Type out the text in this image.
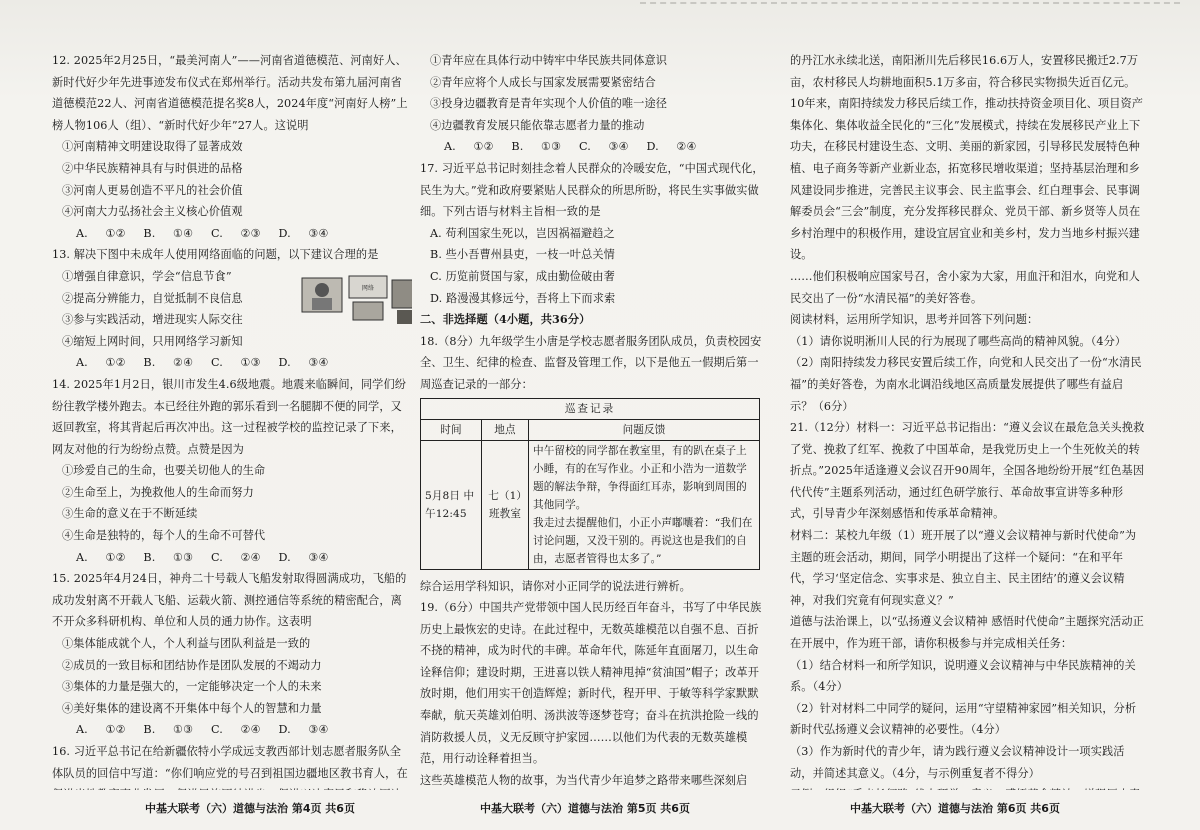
12. 2025年2月25日，“最美河南人”——河南省道德模范、河南好人、新时代好少年先进事迹发布仪式在郑州举行。活动共发布第九届河南省道德模范22人、河南省道德模范提名奖8人，2024年度“河南好人榜”上榜人物106人（组）、“新时代好少年”27人。这说明

①河南精神文明建设取得了显著成效

②中华民族精神具有与时俱进的品格

③河南人更易创造不平凡的社会价值

④河南大力弘扬社会主义核心价值观

A. ①② B. ①④ C. ②③ D. ③④

13. 解决下图中未成年人使用网络面临的问题，以下建议合理的是

网络

①增强自律意识，学会“信息节食”

②提高分辨能力，自觉抵制不良信息

③参与实践活动，增进现实人际交往

④缩短上网时间，只用网络学习新知

A. ①② B. ②④ C. ①③ D. ③④

14. 2025年1月2日，银川市发生4.6级地震。地震来临瞬间，同学们纷纷往教学楼外跑去。本已经往外跑的郭乐看到一名腿脚不便的同学，又返回教室，将其背起后再次冲出。这一过程被学校的监控记录了下来，网友对他的行为纷纷点赞。点赞是因为

①珍爱自己的生命，也要关切他人的生命

②生命至上，为挽救他人的生命而努力

③生命的意义在于不断延续

④生命是独特的，每个人的生命不可替代

A. ①② B. ①③ C. ②④ D. ③④

15. 2025年4月24日，神舟二十号载人飞船发射取得圆满成功，飞船的成功发射离不开载人飞船、运载火箭、测控通信等系统的精密配合，离不开众多科研机构、单位和人员的通力协作。这表明

①集体能成就个人，个人利益与团队利益是一致的

②成员的一致目标和团结协作是团队发展的不竭动力

③集体的力量是强大的，一定能够决定一个人的未来

④美好集体的建设离不开集体中每个人的智慧和力量

A. ①② B. ①③ C. ②④ D. ③④

16. 习近平总书记在给新疆依特小学成远支教西部计划志愿者服务队全体队员的回信中写道：“你们响应党的号召到祖国边疆地区教书育人，在

①青年应在具体行动中铸牢中华民族共同体意识

②青年应将个人成长与国家发展需要紧密结合

③投身边疆教育是青年实现个人价值的唯一途径

④边疆教育发展只能依靠志愿者力量的推动

A. ①② B. ①③ C. ③④ D. ②④

17. 习近平总书记时刻挂念着人民群众的冷暖安危，“中国式现代化，民生为大。”党和政府要紧贴人民群众的所思所盼，将民生实事做实做细。下列古语与材料主旨相一致的是

A. 苟利国家生死以，岂因祸福避趋之

B. 些小吾曹州县吏，一枝一叶总关情

C. 历览前贤国与家，成由勤俭破由奢

D. 路漫漫其修远兮，吾将上下而求索

二、非选择题（4小题，共36分）

18.（8分）九年级学生小唐是学校志愿者服务团队成员，负责校园安全、卫生、纪律的检查、监督及管理工作，以下是他五一假期后第一周巡查记录的一部分：

巡查记录		
时间	地点	问题反馈
5月8日 中午12:45	七（1）班教室	中午留校的同学都在教室里，有的趴在桌子上小睡，有的在写作业。小正和小浩为一道数学题的解法争辩，争得面红耳赤，影响到周围的其他同学。
我走过去提醒他们，小正小声嘟囔着：“我们在讨论问题，又没干别的。再说这也是我们的自由，志愿者管得也太多了。”

综合运用学科知识，请你对小正同学的说法进行辨析。

19.（6分）中国共产党带领中国人民历经百年奋斗，书写了中华民族历史上最恢宏的史诗。在此过程中，无数英雄模范以自强不息、百折不挠的精神，成为时代的丰碑。革命年代，陈延年直面屠刀，以生命诠释信仰；建设时期，王进喜以铁人精神甩掉“贫油国”帽子；改革开放时期，他们用实干创造辉煌；新时代，程开甲、于敏等科学家默默奉献，航天英雄刘伯明、汤洪波等逐梦苍穹；奋斗在抗洪抢险一线的消防救援人员，义无反顾守护家园……以他们为代表的无数英雄模范，用行动诠释着担当。

这些英雄模范人物的故事，为当代青少年追梦之路带来哪些深刻启

的丹江水永续北送，南阳淅川先后移民16.6万人，安置移民搬迁2.7万亩，农村移民人均耕地面积5.1万多亩，符合移民实物损失近百亿元。

10年来，南阳持续发力移民后续工作，推动扶持资金项目化、项目资产集体化、集体收益全民化的“三化”发展模式，持续在发展移民产业上下功夫，在移民村建设生态、文明、美丽的新家园，引导移民发展特色种植、电子商务等新产业新业态，拓宽移民增收渠道；坚持基层治理和乡风建设同步推进，完善民主议事会、民主监事会、红白理事会、民事调解委员会“三会”制度，充分发挥移民群众、党员干部、新乡贤等人员在乡村治理中的积极作用，建设宜居宜业和美乡村，发力当地乡村振兴建设。

……他们积极响应国家号召，舍小家为大家，用血汗和泪水，向党和人民交出了一份“水清民福”的美好答卷。

阅读材料，运用所学知识，思考并回答下列问题：

（1）请你说明淅川人民的行为展现了哪些高尚的精神风貌。（4分）

（2）南阳持续发力移民安置后续工作，向党和人民交出了一份“水清民福”的美好答卷，为南水北调沿线地区高质量发展提供了哪些有益启示？（6分）

21.（12分）材料一：习近平总书记指出：“遵义会议在最危急关头挽救了党、挽救了红军、挽救了中国革命，是我党历史上一个生死攸关的转折点。”2025年适逢遵义会议召开90周年，全国各地纷纷开展“红色基因代代传”主题系列活动，通过红色研学旅行、革命故事宣讲等多种形式，引导青少年深刻感悟和传承革命精神。

材料二：某校九年级（1）班开展了以“遵义会议精神与新时代使命”为主题的班会活动，期间，同学小明提出了这样一个疑问：“在和平年代，学习‘坚定信念、实事求是、独立自主、民主团结’的遵义会议精神，对我们究竟有何现实意义？”

道德与法治课上，以“弘扬遵义会议精神 感悟时代使命”主题探究活动正在开展中，作为班干部，请你积极参与并完成相关任务：

（1）结合材料一和所学知识，说明遵义会议精神与中华民族精神的关系。（4分）

（2）针对材料二中同学的疑问，运用“守望精神家园”相关知识，分析新时代弘扬遵义会议精神的必要性。（4分）

（3）作为新时代的青少年，请为践行遵义会议精神设计一项实践活动，并简述其意义。（4分，与示例重复者不得分）

中基大联考（六）道德与法治 第4页 共6页	中基大联考（六）道德与法治 第5页 共6页	中基大联考（六）道德与法治 第6页 共6页
